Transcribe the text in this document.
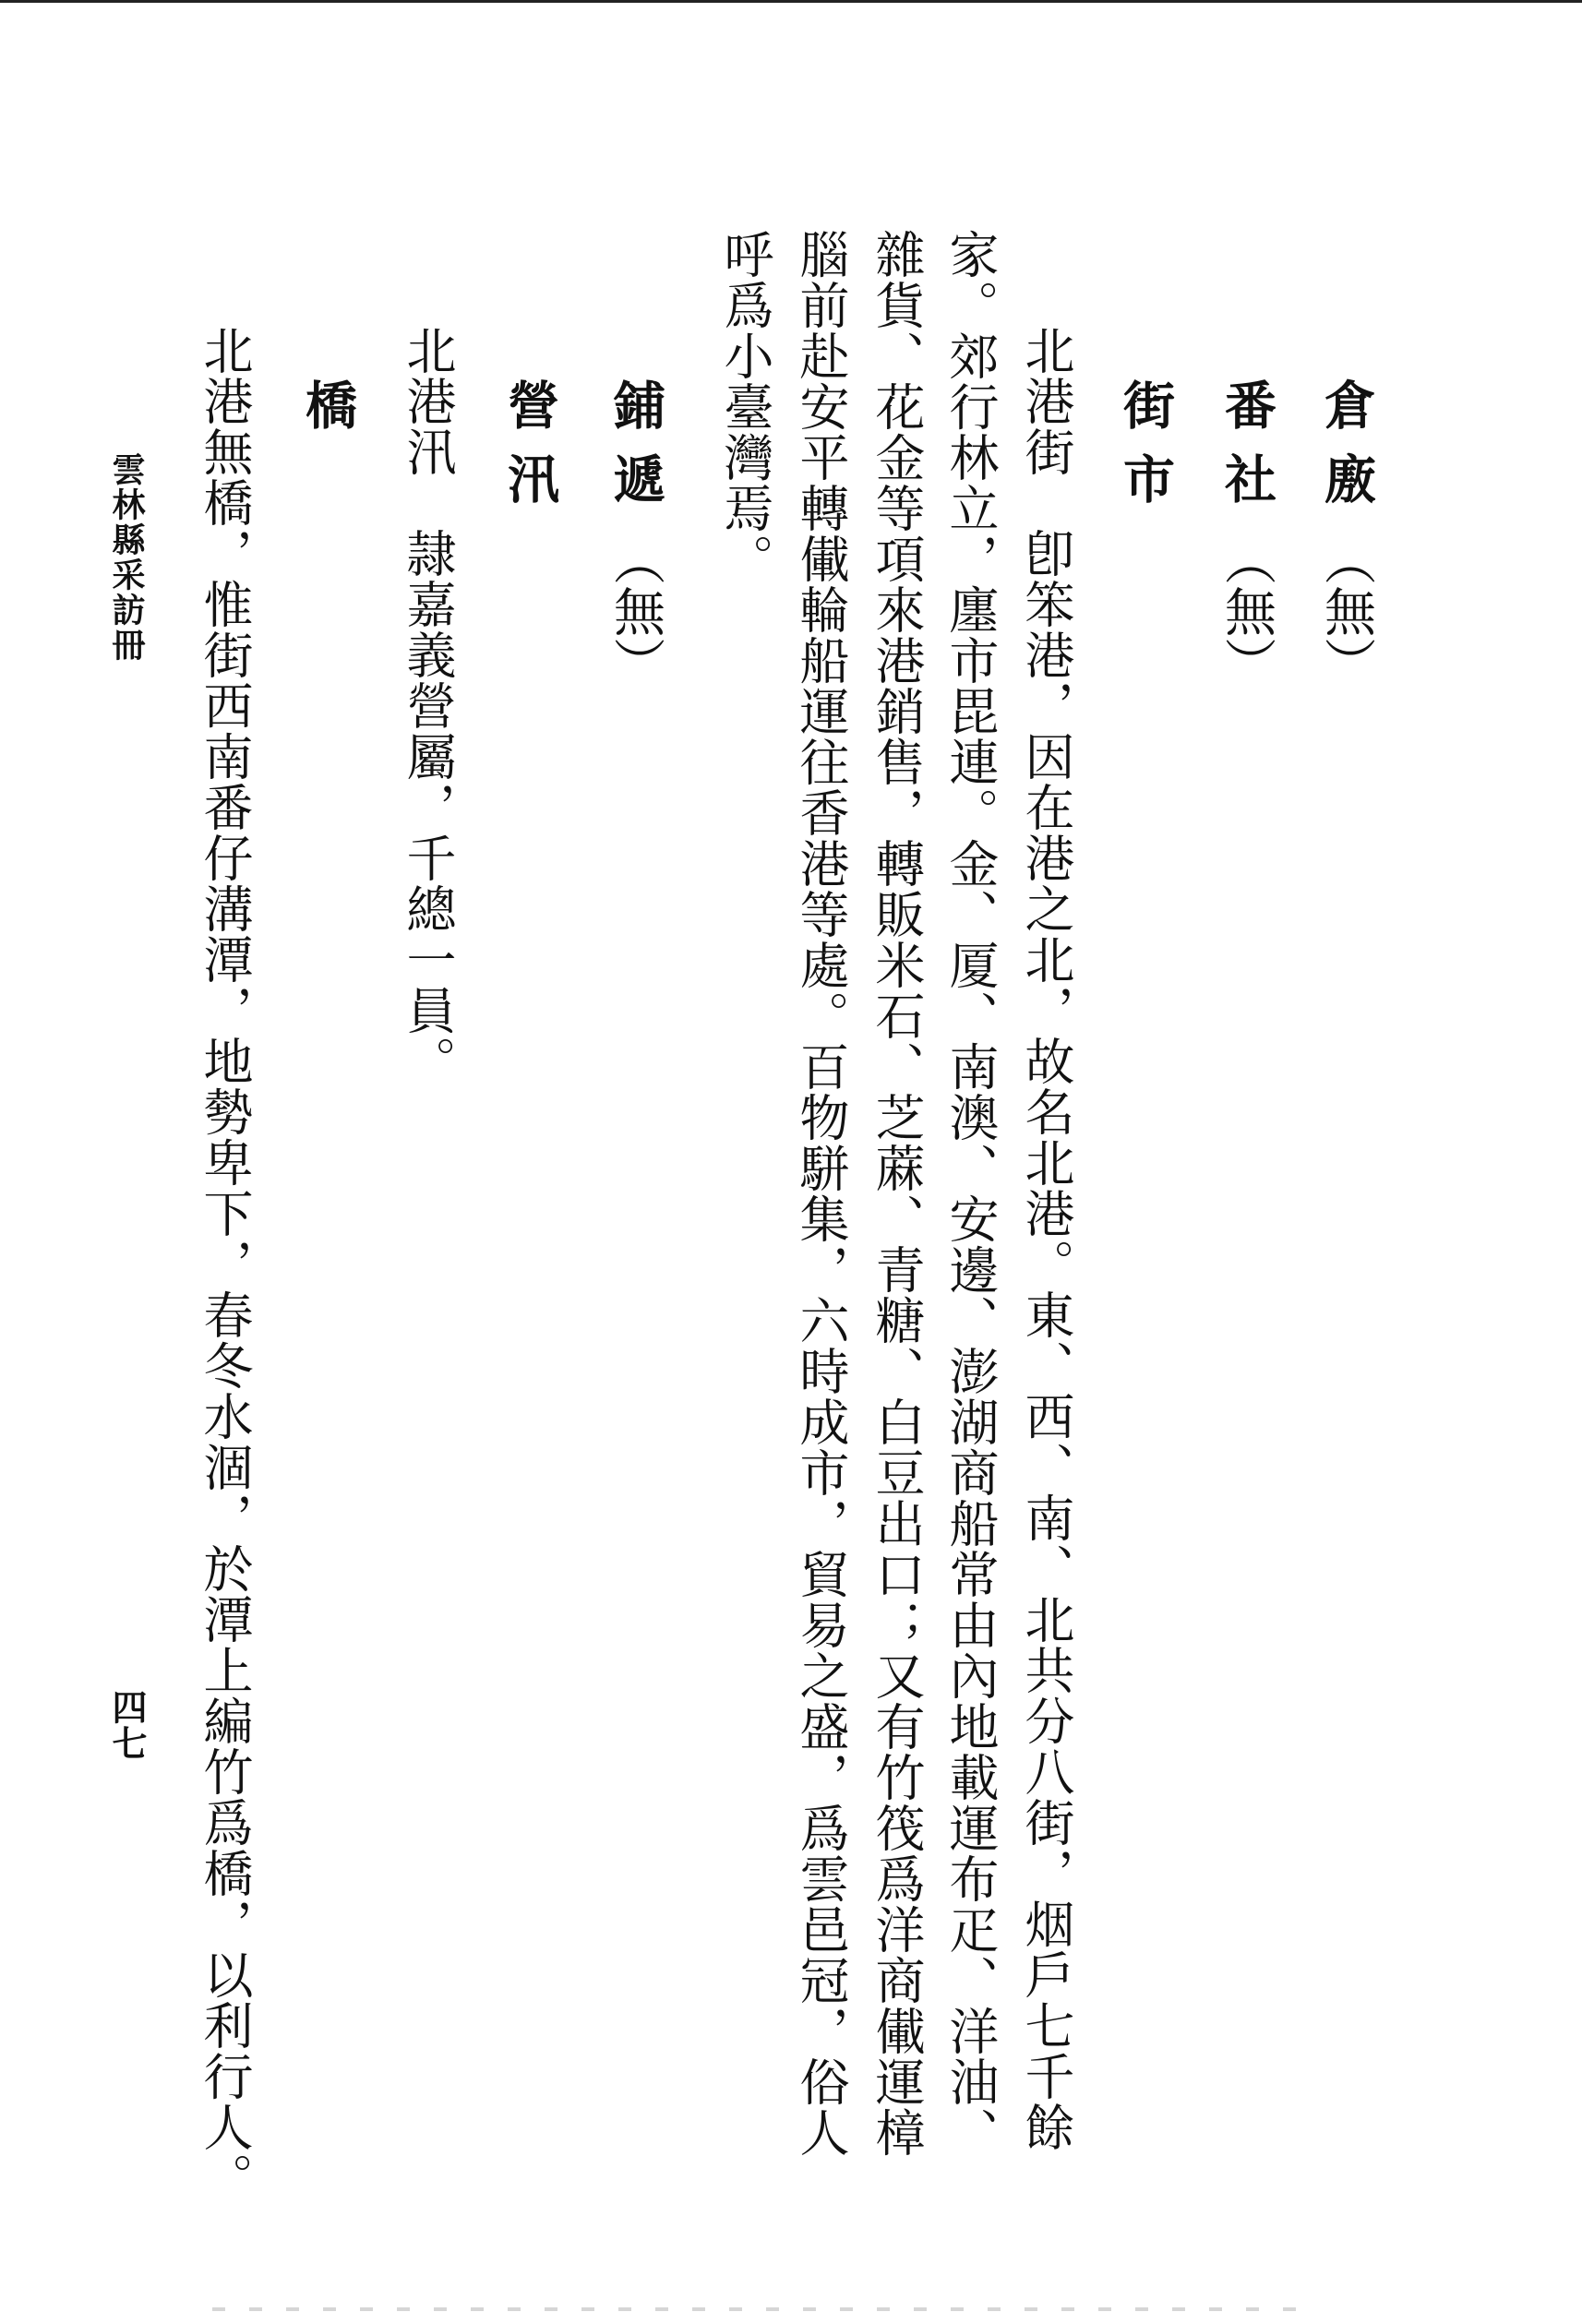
倉廒（無）
番社（無）
街市
北港街　卽笨港，因在港之北，故名北港。東、西、南、北共分八街，烟戶七千餘
家。郊行林立，廛市毘連。金、厦、南澳、安邊、澎湖商船常由內地載運布疋、洋油、
雜貨、花金等項來港銷售，轉販米石、芝蔴、青糖、白豆出口；又有竹筏爲洋商儎運樟
腦前赴安平轉儎輪船運往香港等處。百物駢集，六時成市，貿易之盛，爲雲邑冠，俗人
呼爲小臺灣焉。
鋪遞（無）
營汛
北港汛　隷嘉義營屬，千總一員。
橋
北港無橋，惟街西南番仔溝潭，地勢卑下，春冬水涸，於潭上編竹爲橋，以利行人。
雲林縣采訪冊
四七
